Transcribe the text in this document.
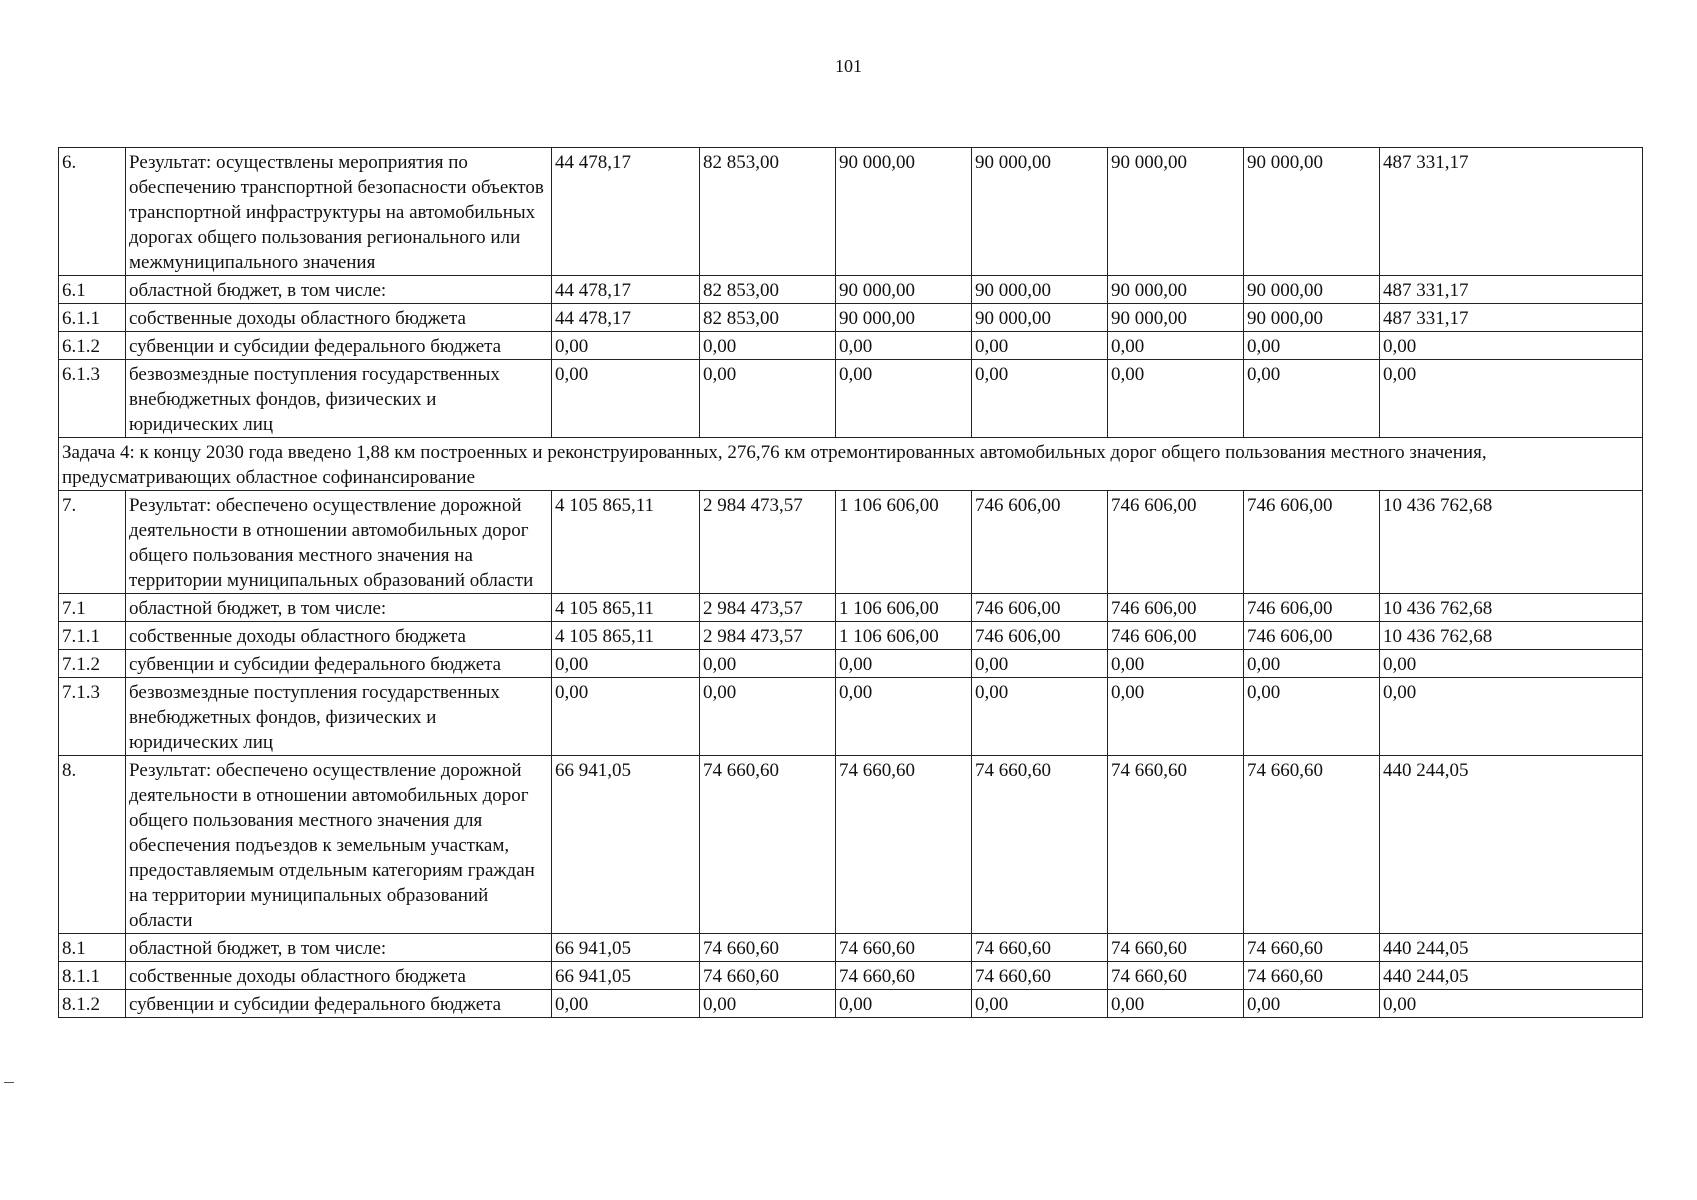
101
6.	Результат: осуществлены мероприятия по обеспечению транспортной безопасности объектов транспортной инфраструктуры на автомобильных дорогах общего пользования регионального или межмуниципального значения	44 478,17	82 853,00	90 000,00	90 000,00	90 000,00	90 000,00	487 331,17
6.1	областной бюджет, в том числе:	44 478,17	82 853,00	90 000,00	90 000,00	90 000,00	90 000,00	487 331,17
6.1.1	собственные доходы областного бюджета	44 478,17	82 853,00	90 000,00	90 000,00	90 000,00	90 000,00	487 331,17
6.1.2	субвенции и субсидии федерального бюджета	0,00	0,00	0,00	0,00	0,00	0,00	0,00
6.1.3	безвозмездные поступления государственных внебюджетных фондов, физических и юридических лиц	0,00	0,00	0,00	0,00	0,00	0,00	0,00
Задача 4: к концу 2030 года введено 1,88 км построенных и реконструированных, 276,76 км отремонтированных автомобильных дорог общего пользования местного значения, предусматривающих областное софинансирование								
7.	Результат: обеспечено осуществление дорожной деятельности в отношении автомобильных дорог общего пользования местного значения на территории муниципальных образований области	4 105 865,11	2 984 473,57	1 106 606,00	746 606,00	746 606,00	746 606,00	10 436 762,68
7.1	областной бюджет, в том числе:	4 105 865,11	2 984 473,57	1 106 606,00	746 606,00	746 606,00	746 606,00	10 436 762,68
7.1.1	собственные доходы областного бюджета	4 105 865,11	2 984 473,57	1 106 606,00	746 606,00	746 606,00	746 606,00	10 436 762,68
7.1.2	субвенции и субсидии федерального бюджета	0,00	0,00	0,00	0,00	0,00	0,00	0,00
7.1.3	безвозмездные поступления государственных внебюджетных фондов, физических и юридических лиц	0,00	0,00	0,00	0,00	0,00	0,00	0,00
8.	Результат: обеспечено осуществление дорожной деятельности в отношении автомобильных дорог общего пользования местного значения для обеспечения подъездов к земельным участкам, предоставляемым отдельным категориям граждан на территории муниципальных образований области	66 941,05	74 660,60	74 660,60	74 660,60	74 660,60	74 660,60	440 244,05
8.1	областной бюджет, в том числе:	66 941,05	74 660,60	74 660,60	74 660,60	74 660,60	74 660,60	440 244,05
8.1.1	собственные доходы областного бюджета	66 941,05	74 660,60	74 660,60	74 660,60	74 660,60	74 660,60	440 244,05
8.1.2	субвенции и субсидии федерального бюджета	0,00	0,00	0,00	0,00	0,00	0,00	0,00
